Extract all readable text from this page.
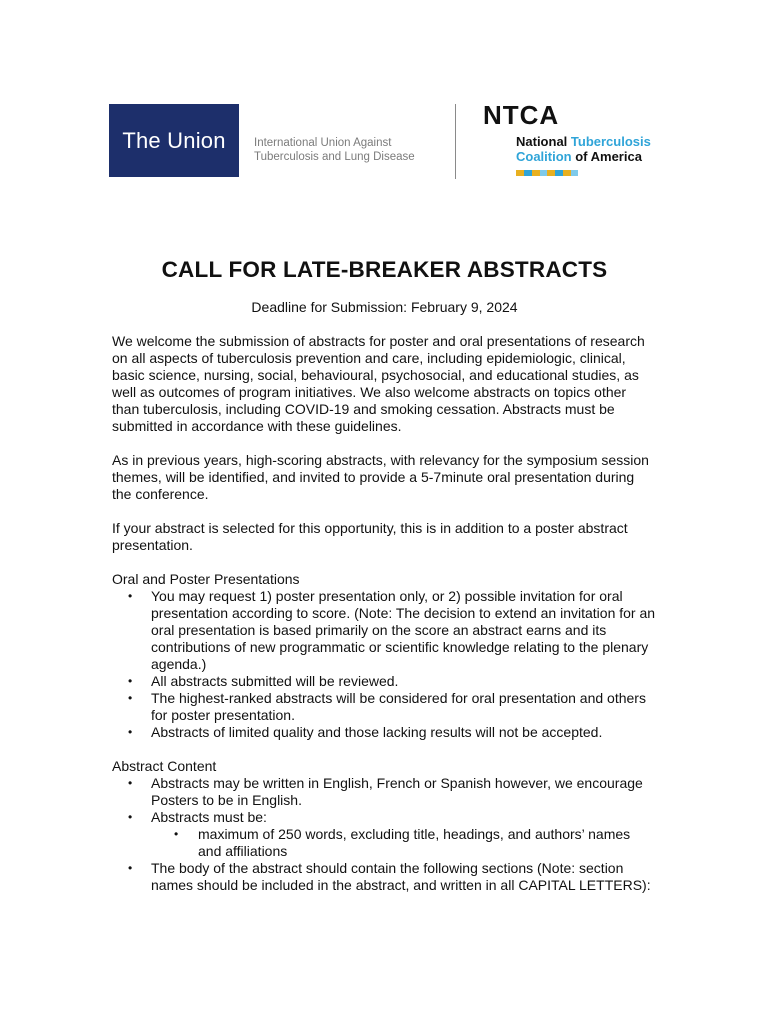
The Union International Union Against
Tuberculosis and Lung Disease
NTCA
National Tuberculosis
Coalition of America
CALL FOR LATE-BREAKER ABSTRACTS
Deadline for Submission: February 9, 2024

We welcome the submission of abstracts for poster and oral presentations of research on all aspects of tuberculosis prevention and care, including epidemiologic, clinical, basic science, nursing, social, behavioural, psychosocial, and educational studies, as well as outcomes of program initiatives. We also welcome abstracts on topics other than tuberculosis, including COVID-19 and smoking cessation. Abstracts must be submitted in accordance with these guidelines.

As in previous years, high-scoring abstracts, with relevancy for the symposium session themes, will be identified, and invited to provide a 5-7minute oral presentation during the conference.

If your abstract is selected for this opportunity, this is in addition to a poster abstract presentation.

Oral and Poster Presentations
• You may request 1) poster presentation only, or 2) possible invitation for oral presentation according to score. (Note: The decision to extend an invitation for an oral presentation is based primarily on the score an abstract earns and its contributions of new programmatic or scientific knowledge relating to the plenary agenda.)
• All abstracts submitted will be reviewed.
• The highest-ranked abstracts will be considered for oral presentation and others for poster presentation.
• Abstracts of limited quality and those lacking results will not be accepted.
Abstract Content
• Abstracts may be written in English, French or Spanish however, we encourage Posters to be in English.
• Abstracts must be:
• maximum of 250 words, excluding title, headings, and authors’ names and affiliations
• The body of the abstract should contain the following sections (Note: section names should be included in the abstract, and written in all CAPITAL LETTERS):
